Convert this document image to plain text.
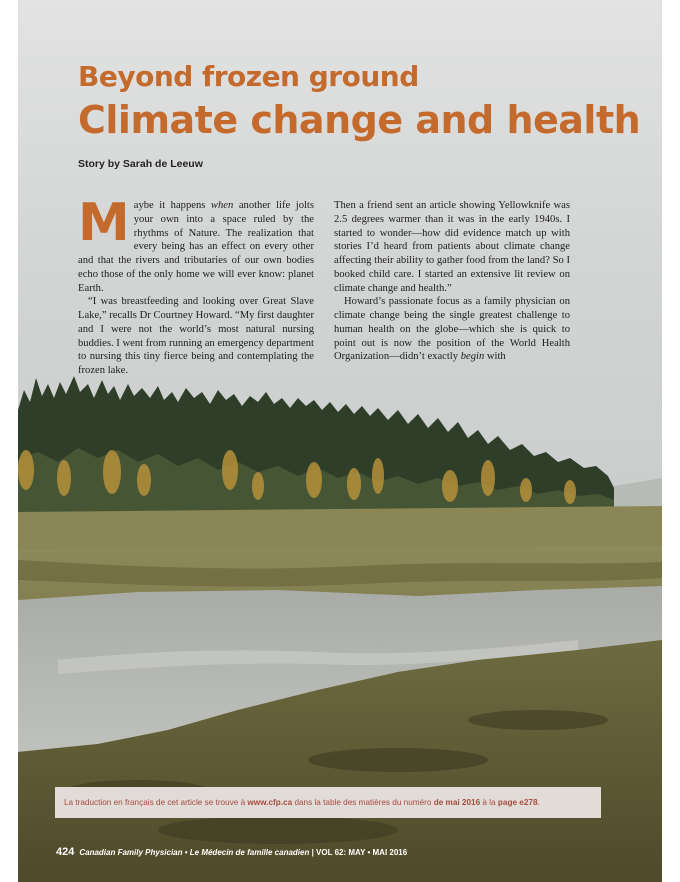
Beyond frozen ground
Climate change and health
Story by Sarah de Leeuw

Maybe it happens when another life jolts your own into a space ruled by the rhythms of Nature. The realization that every being has an effect on every other and that the rivers and tributaries of our own bodies echo those of the only home we will ever know: planet Earth.

“I was breastfeeding and looking over Great Slave Lake,” recalls Dr Courtney Howard. “My first daughter and I were not the world’s most natural nursing buddies. I went from running an emergency department to nursing this tiny fierce being and contemplating the frozen lake.

Then a friend sent an article showing Yellowknife was 2.5 degrees warmer than it was in the early 1940s. I started to wonder—how did evidence match up with stories I’d heard from patients about climate change affecting their ability to gather food from the land? So I booked child care. I started an extensive lit review on climate change and health.”

Howard’s passionate focus as a family physician on climate change being the single greatest challenge to human health on the globe—which she is quick to point out is now the position of the World Health Organization—didn’t exactly begin with

La traduction en français de cet article se trouve à www.cfp.ca dans la table des matières du numéro de mai 2016 à la page e278.
424 Canadian Family Physician • Le Médecin de famille canadien | VOL 62: MAY • MAI 2016
